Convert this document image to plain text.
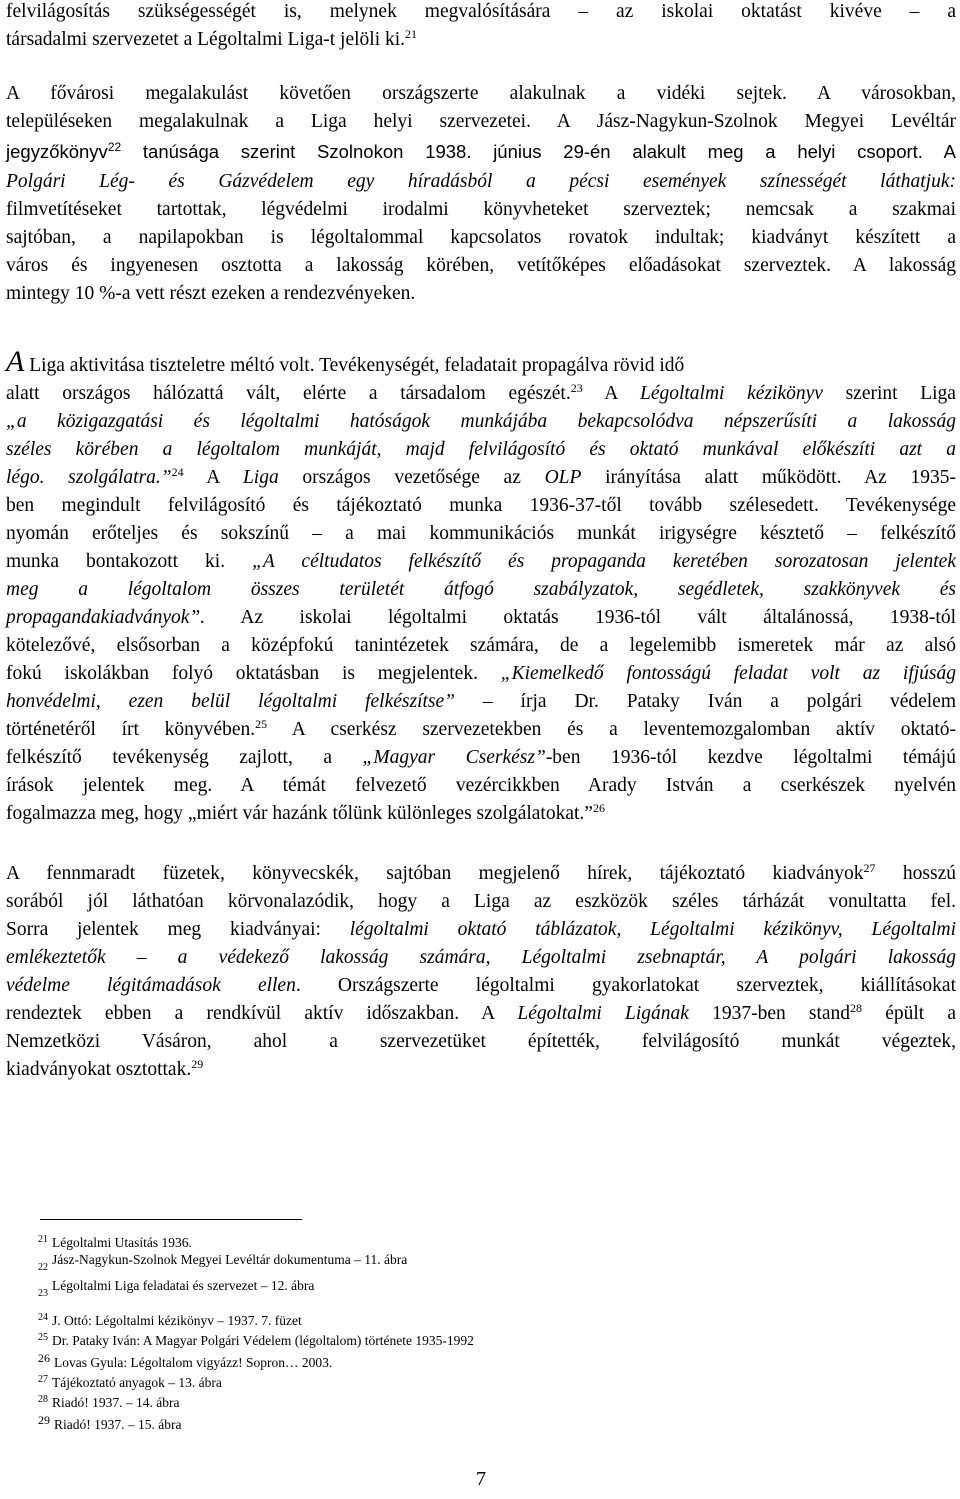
felvilágosítás szükségességét is, melynek megvalósítására – az iskolai oktatást kivéve – a
társadalmi szervezetet a Légoltalmi Liga-t jelöli ki.$^{21}$
A fővárosi megalakulást követően országszerte alakulnak a vidéki sejtek. A városokban,
településeken megalakulnak a Liga helyi szervezetei. A Jász-Nagykun-Szolnok Megyei Levéltár
jegyzőkönyv$^{22}$ tanúsága szerint Szolnokon 1938. június 29-én alakult meg a helyi csoport. A
Polgári Lég- és Gázvédelem egy híradásból a pécsi események színességét láthatjuk:
filmvetítéseket tartottak, légvédelmi irodalmi könyvheteket szerveztek; nemcsak a szakmai
sajtóban, a napilapokban is légoltalommal kapcsolatos rovatok indultak; kiadványt készített a
város és ingyenesen osztotta a lakosság körében, vetítőképes előadásokat szerveztek. A lakosság
mintegy 10 %-a vett részt ezeken a rendezvényeken.
A Liga aktivitása tiszteletre méltó volt. Tevékenységét, feladatait propagálva rövid idő
alatt országos hálózattá vált, elérte a társadalom egészét.$^{23}$ A Légoltalmi kézikönyv szerint Liga
„a közigazgatási és légoltalmi hatóságok munkájába bekapcsolódva népszerűsíti a lakosság
széles körében a légoltalom munkáját, majd felvilágosító és oktató munkával előkészíti azt a
légo. szolgálatra.”$^{24}$ A Liga országos vezetősége az OLP irányítása alatt működött. Az 1935-
ben megindult felvilágosító és tájékoztató munka 1936-37-től tovább szélesedett. Tevékenysége
nyomán erőteljes és sokszínű – a mai kommunikációs munkát irigységre késztető – felkészítő
munka bontakozott ki. „A céltudatos felkészítő és propaganda keretében sorozatosan jelentek
meg a légoltalom összes területét átfogó szabályzatok, segédletek, szakkönyvek és
propagandakiadványok”. Az iskolai légoltalmi oktatás 1936-tól vált általánossá, 1938-tól
kötelezővé, elsősorban a középfokú tanintézetek számára, de a legelemibb ismeretek már az alsó
fokú iskolákban folyó oktatásban is megjelentek. „Kiemelkedő fontosságú feladat volt az ifjúság
honvédelmi, ezen belül légoltalmi felkészítse” – írja Dr. Pataky Iván a polgári védelem
történetéről írt könyvében.$^{25}$ A cserkész szervezetekben és a leventemozgalomban aktív oktató-
felkészítő tevékenység zajlott, a „Magyar Cserkész”-ben 1936-tól kezdve légoltalmi témájú
írások jelentek meg. A témát felvezető vezércikkben Arady István a cserkészek nyelvén
fogalmazza meg, hogy „miért vár hazánk tőlünk különleges szolgálatokat.”$^{26}$
A fennmaradt füzetek, könyvecskék, sajtóban megjelenő hírek, tájékoztató kiadványok$^{27}$ hosszú
sorából jól láthatóan körvonalazódik, hogy a Liga az eszközök széles tárházát vonultatta fel.
Sorra jelentek meg kiadványai: légoltalmi oktató táblázatok, Légoltalmi kézikönyv, Légoltalmi
emlékeztetők – a védekező lakosság számára, Légoltalmi zsebnaptár, A polgári lakosság
védelme légitámadások ellen. Országszerte légoltalmi gyakorlatokat szerveztek, kiállításokat
rendeztek ebben a rendkívül aktív időszakban. A Légoltalmi Ligának 1937-ben stand$^{28}$ épült a
Nemzetközi Vásáron, ahol a szervezetüket építették, felvilágosító munkát végeztek,
kiadványokat osztottak.$^{29}$
21 Légoltalmi Utasítás 1936.
22Jász-Nagykun-Szolnok Megyei Levéltár dokumentuma – 11. ábra
23Légoltalmi Liga feladatai és szervezet – 12. ábra
24 J. Ottó: Légoltalmi kézikönyv – 1937. 7. füzet
25 Dr. Pataky Iván: A Magyar Polgári Védelem (légoltalom) története 1935-1992
26 Lovas Gyula: Légoltalom vigyázz! Sopron… 2003.
27 Tájékoztató anyagok – 13. ábra
28 Riadó! 1937. – 14. ábra
29 Riadó! 1937. – 15. ábra
7
